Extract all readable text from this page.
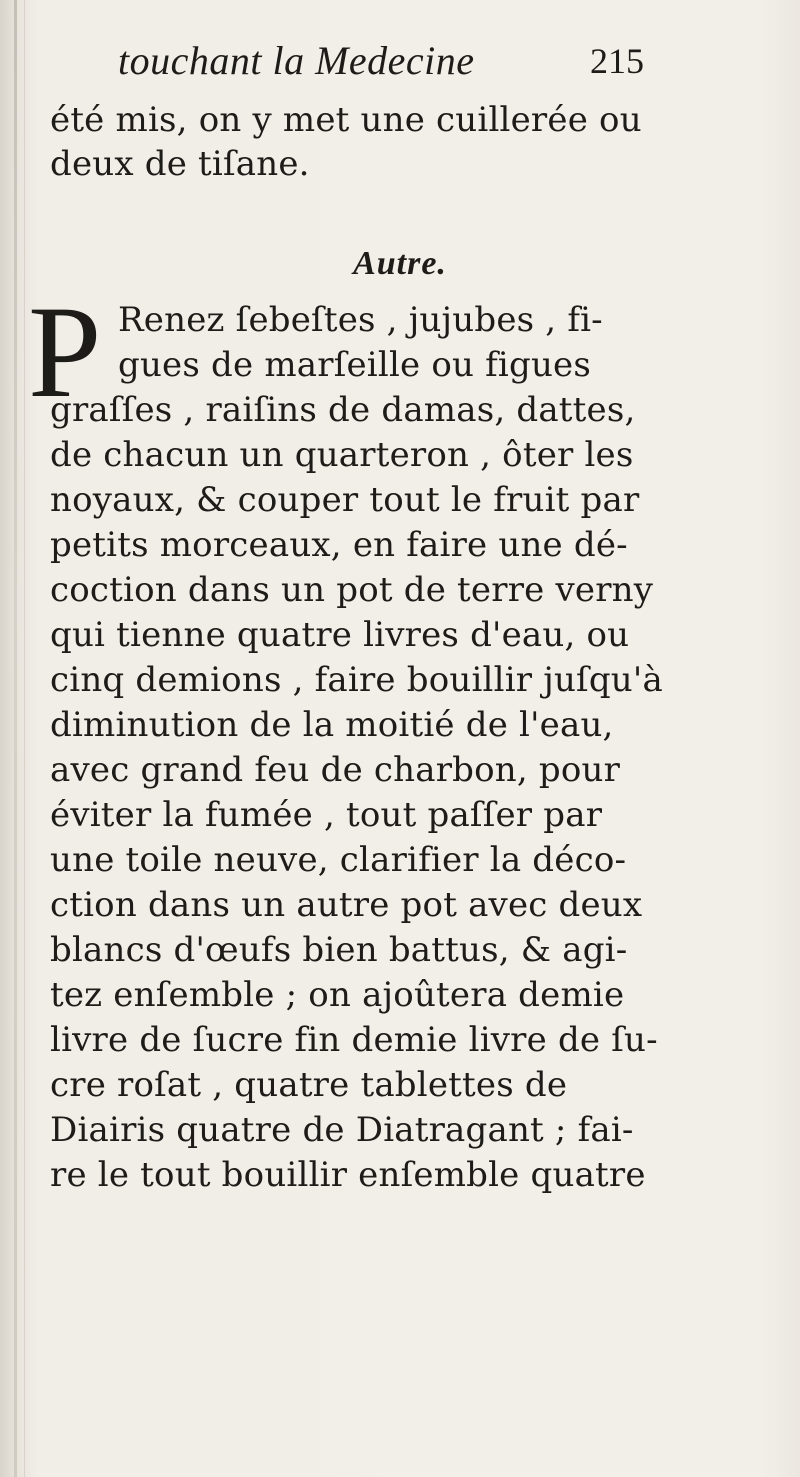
touchant la Medecine	215
été mis, on y met une cuillerée ou
deux de tiſane.
Autre.
P Renez ſebeſtes , jujubes , fi-
gues de marſeille ou figues
graſſes , raiſins de damas, dattes,
de chacun un quarteron , ôter les
noyaux, & couper tout le fruit par
petits morceaux, en faire une dé-
coction dans un pot de terre verny
qui tienne quatre livres d'eau, ou
cinq demions , faire bouillir juſqu'à
diminution de la moitié de l'eau,
avec grand feu de charbon, pour
éviter la fumée , tout paſſer par
une toile neuve, clarifier la déco-
ction dans un autre pot avec deux
blancs d'œufs bien battus, & agi-
tez enſemble ; on ajoûtera demie
livre de ſucre fin demie livre de ſu-
cre roſat , quatre tablettes de
Diairis quatre de Diatragant ; fai-
re le tout bouillir enſemble quatre
